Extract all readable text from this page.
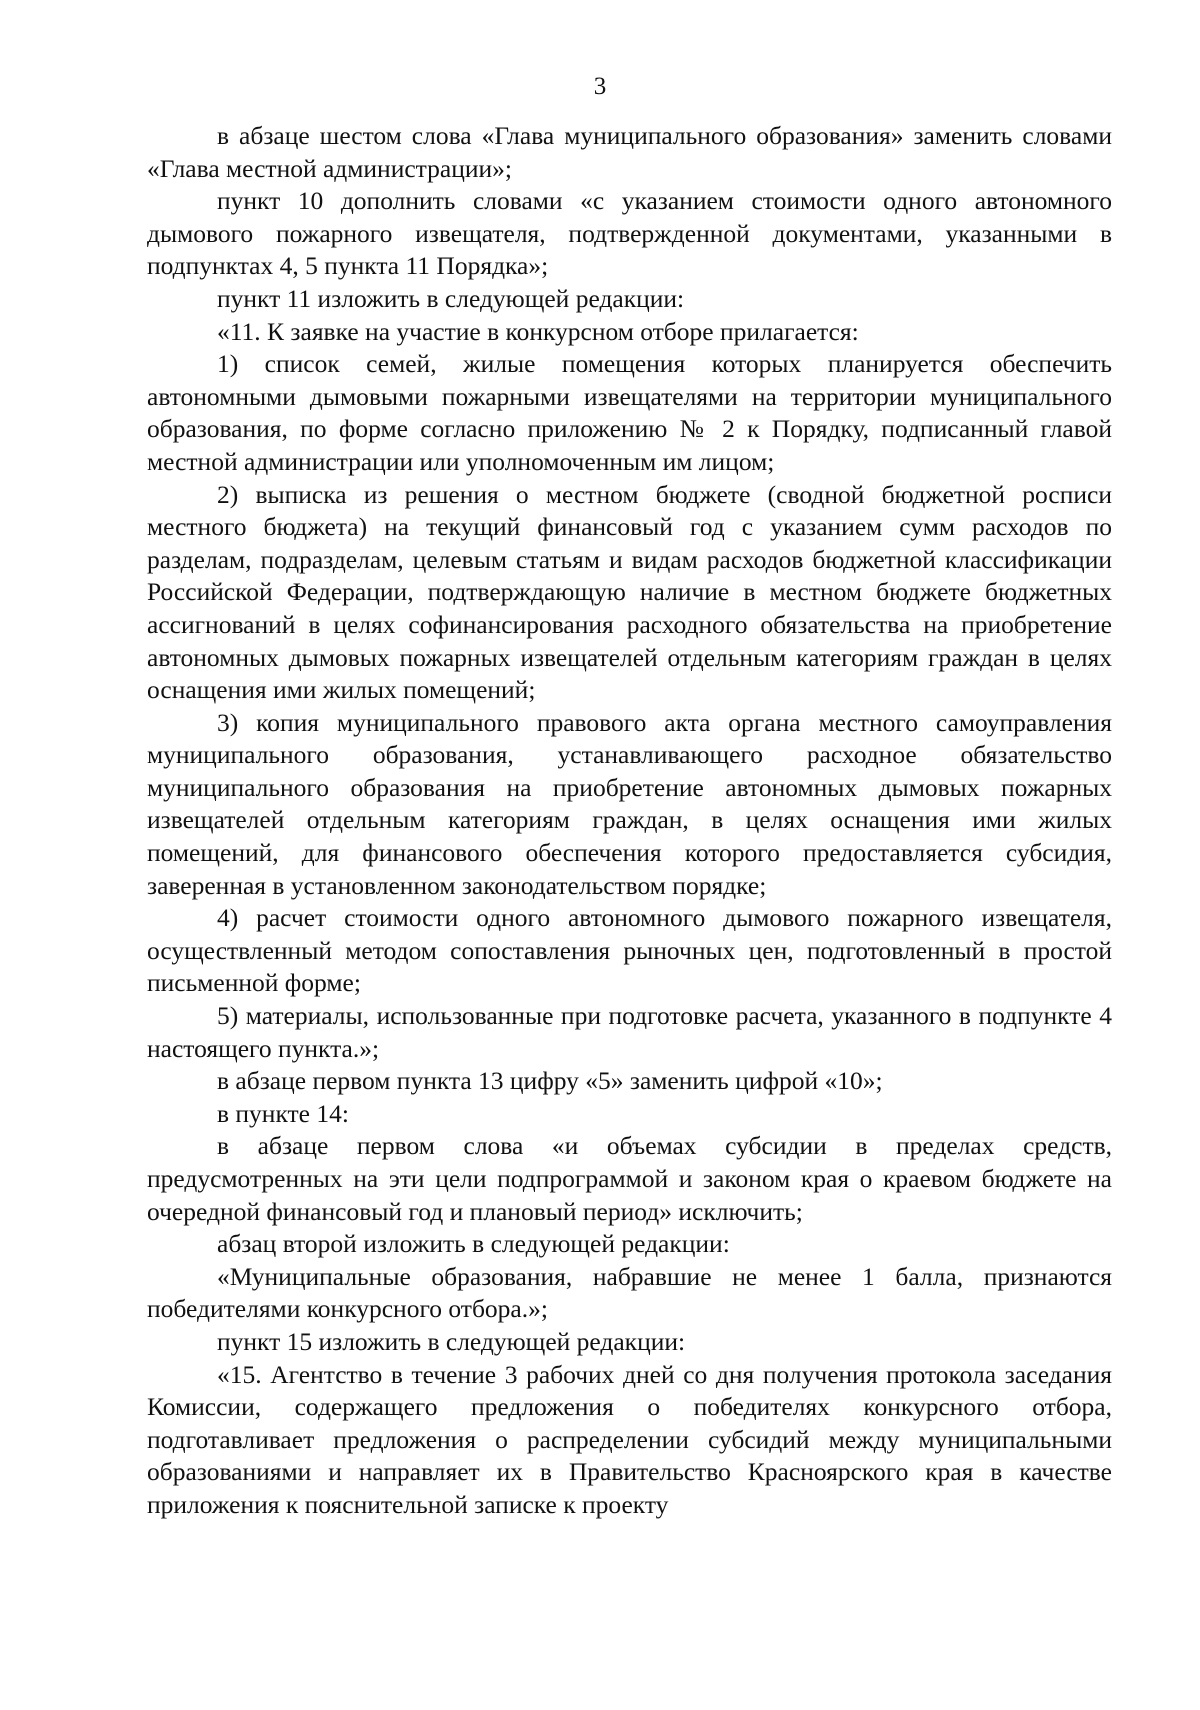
3

в абзаце шестом слова «Глава муниципального образования» заменить словами «Глава местной администрации»;

пункт 10 дополнить словами «с указанием стоимости одного автономного дымового пожарного извещателя, подтвержденной документами, указанными в подпунктах 4, 5 пункта 11 Порядка»;

пункт 11 изложить в следующей редакции:

«11. К заявке на участие в конкурсном отборе прилагается:

1) список семей, жилые помещения которых планируется обеспечить автономными дымовыми пожарными извещателями на территории муниципального образования, по форме согласно приложению № 2 к Порядку, подписанный главой местной администрации или уполномоченным им лицом;

2) выписка из решения о местном бюджете (сводной бюджетной росписи местного бюджета) на текущий финансовый год с указанием сумм расходов по разделам, подразделам, целевым статьям и видам расходов бюджетной классификации Российской Федерации, подтверждающую наличие в местном бюджете бюджетных ассигнований в целях софинансирования расходного обязательства на приобретение автономных дымовых пожарных извещателей отдельным категориям граждан в целях оснащения ими жилых помещений;

3) копия муниципального правового акта органа местного самоуправления муниципального образования, устанавливающего расходное обязательство муниципального образования на приобретение автономных дымовых пожарных извещателей отдельным категориям граждан, в целях оснащения ими жилых помещений, для финансового обеспечения которого предоставляется субсидия, заверенная в установленном законодательством порядке;

4) расчет стоимости одного автономного дымового пожарного извещателя, осуществленный методом сопоставления рыночных цен, подготовленный в простой письменной форме;

5) материалы, использованные при подготовке расчета, указанного в подпункте 4 настоящего пункта.»;

в абзаце первом пункта 13 цифру «5» заменить цифрой «10»;

в пункте 14:

в абзаце первом слова «и объемах субсидии в пределах средств, предусмотренных на эти цели подпрограммой и законом края о краевом бюджете на очередной финансовый год и плановый период» исключить;

абзац второй изложить в следующей редакции:

«Муниципальные образования, набравшие не менее 1 балла, признаются победителями конкурсного отбора.»;

пункт 15 изложить в следующей редакции:

«15. Агентство в течение 3 рабочих дней со дня получения протокола заседания Комиссии, содержащего предложения о победителях конкурсного отбора, подготавливает предложения о распределении субсидий между муниципальными образованиями и направляет их в Правительство Красноярского края в качестве приложения к пояснительной записке к проекту
